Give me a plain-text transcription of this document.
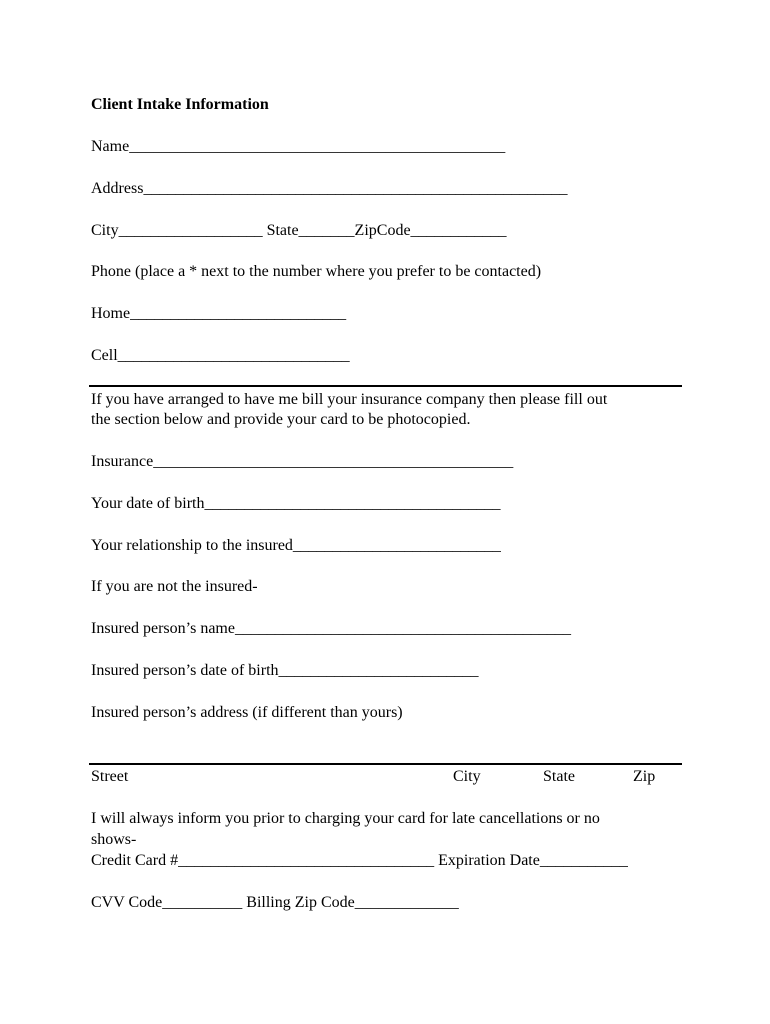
Client Intake Information
Name_______________________________________________
Address_____________________________________________________
City__________________ State_______ZipCode____________
Phone (place a * next to the number where you prefer to be contacted)
Home___________________________
Cell_____________________________
If you have arranged to have me bill your insurance company then please fill out
the section below and provide your card to be photocopied.
Insurance_____________________________________________
Your date of birth_____________________________________
Your relationship to the insured__________________________
If you are not the insured-
Insured person’s name__________________________________________
Insured person’s date of birth_________________________
Insured person’s address (if different than yours)
Street	City	State	Zip
I will always inform you prior to charging your card for late cancellations or no
shows-
Credit Card #________________________________ Expiration Date___________
CVV Code__________ Billing Zip Code_____________
